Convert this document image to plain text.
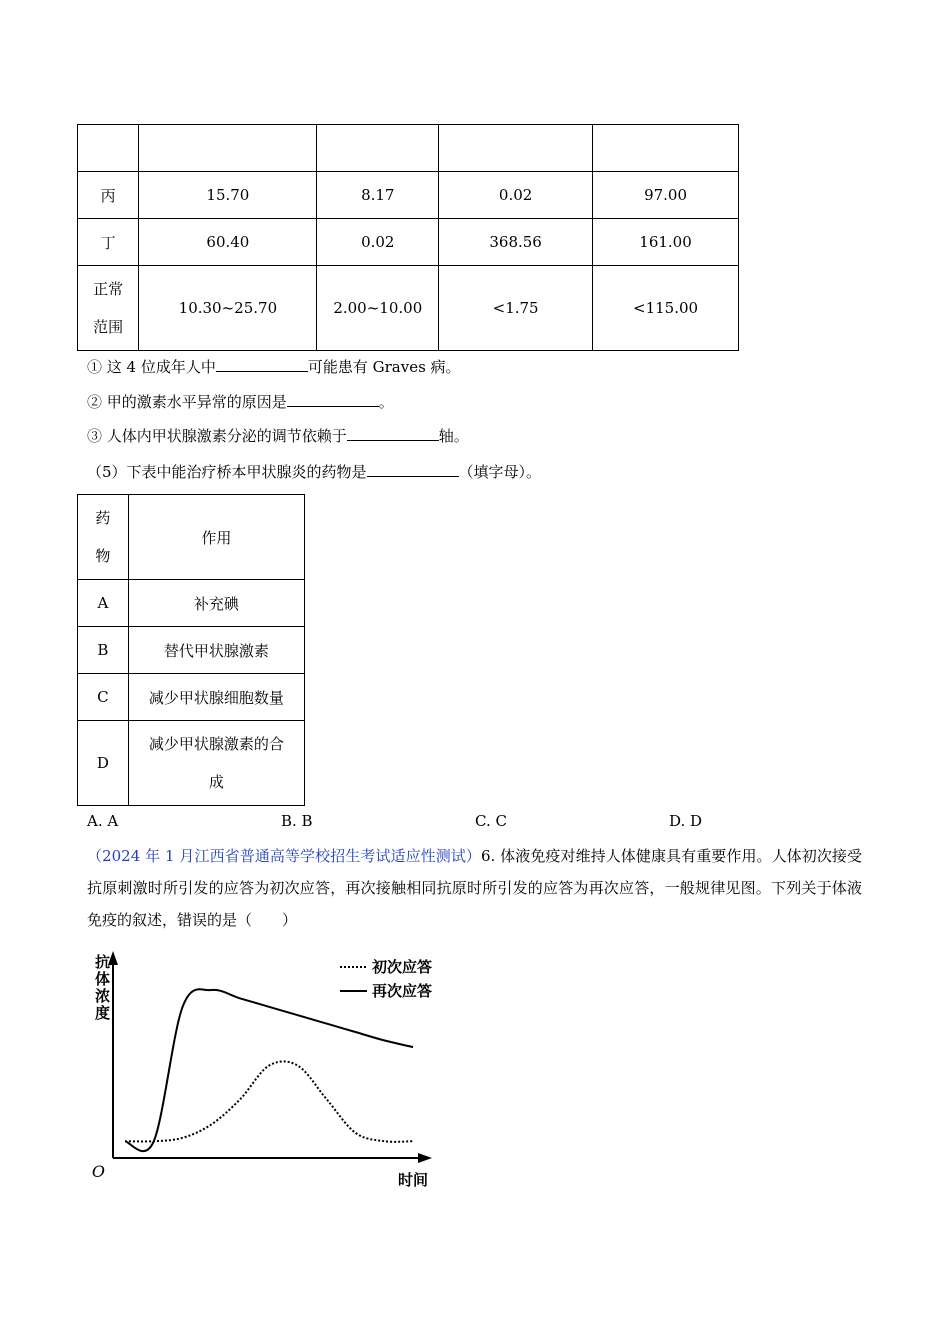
丙	15.70	8.17	0.02	97.00
丁	60.40	0.02	368.56	161.00
正常
范围	10.30~25.70	2.00~10.00	<1.75	<115.00
① 这 4 位成年人中	可能患有 Graves 病。
② 甲的激素水平异常的原因是	。
③ 人体内甲状腺激素分泌的调节依赖于	轴。
（5）下表中能治疗桥本甲状腺炎的药物是	（填字母）。
药
物	作用
A	补充碘
B	替代甲状腺激素
C	减少甲状腺细胞数量
D	减少甲状腺激素的合
成
A. A	B. B	C. C	D. D

（2024 年 1 月江西省普通高等学校招生考试适应性测试）6. 体液免疫对维持人体健康具有重要作用。人体初次接受抗原刺激时所引发的应答为初次应答，再次接触相同抗原时所引发的应答为再次应答，一般规律见图。下列关于体液免疫的叙述，错误的是（　　）

O	时间
抗体浓度
初次应答
再次应答
